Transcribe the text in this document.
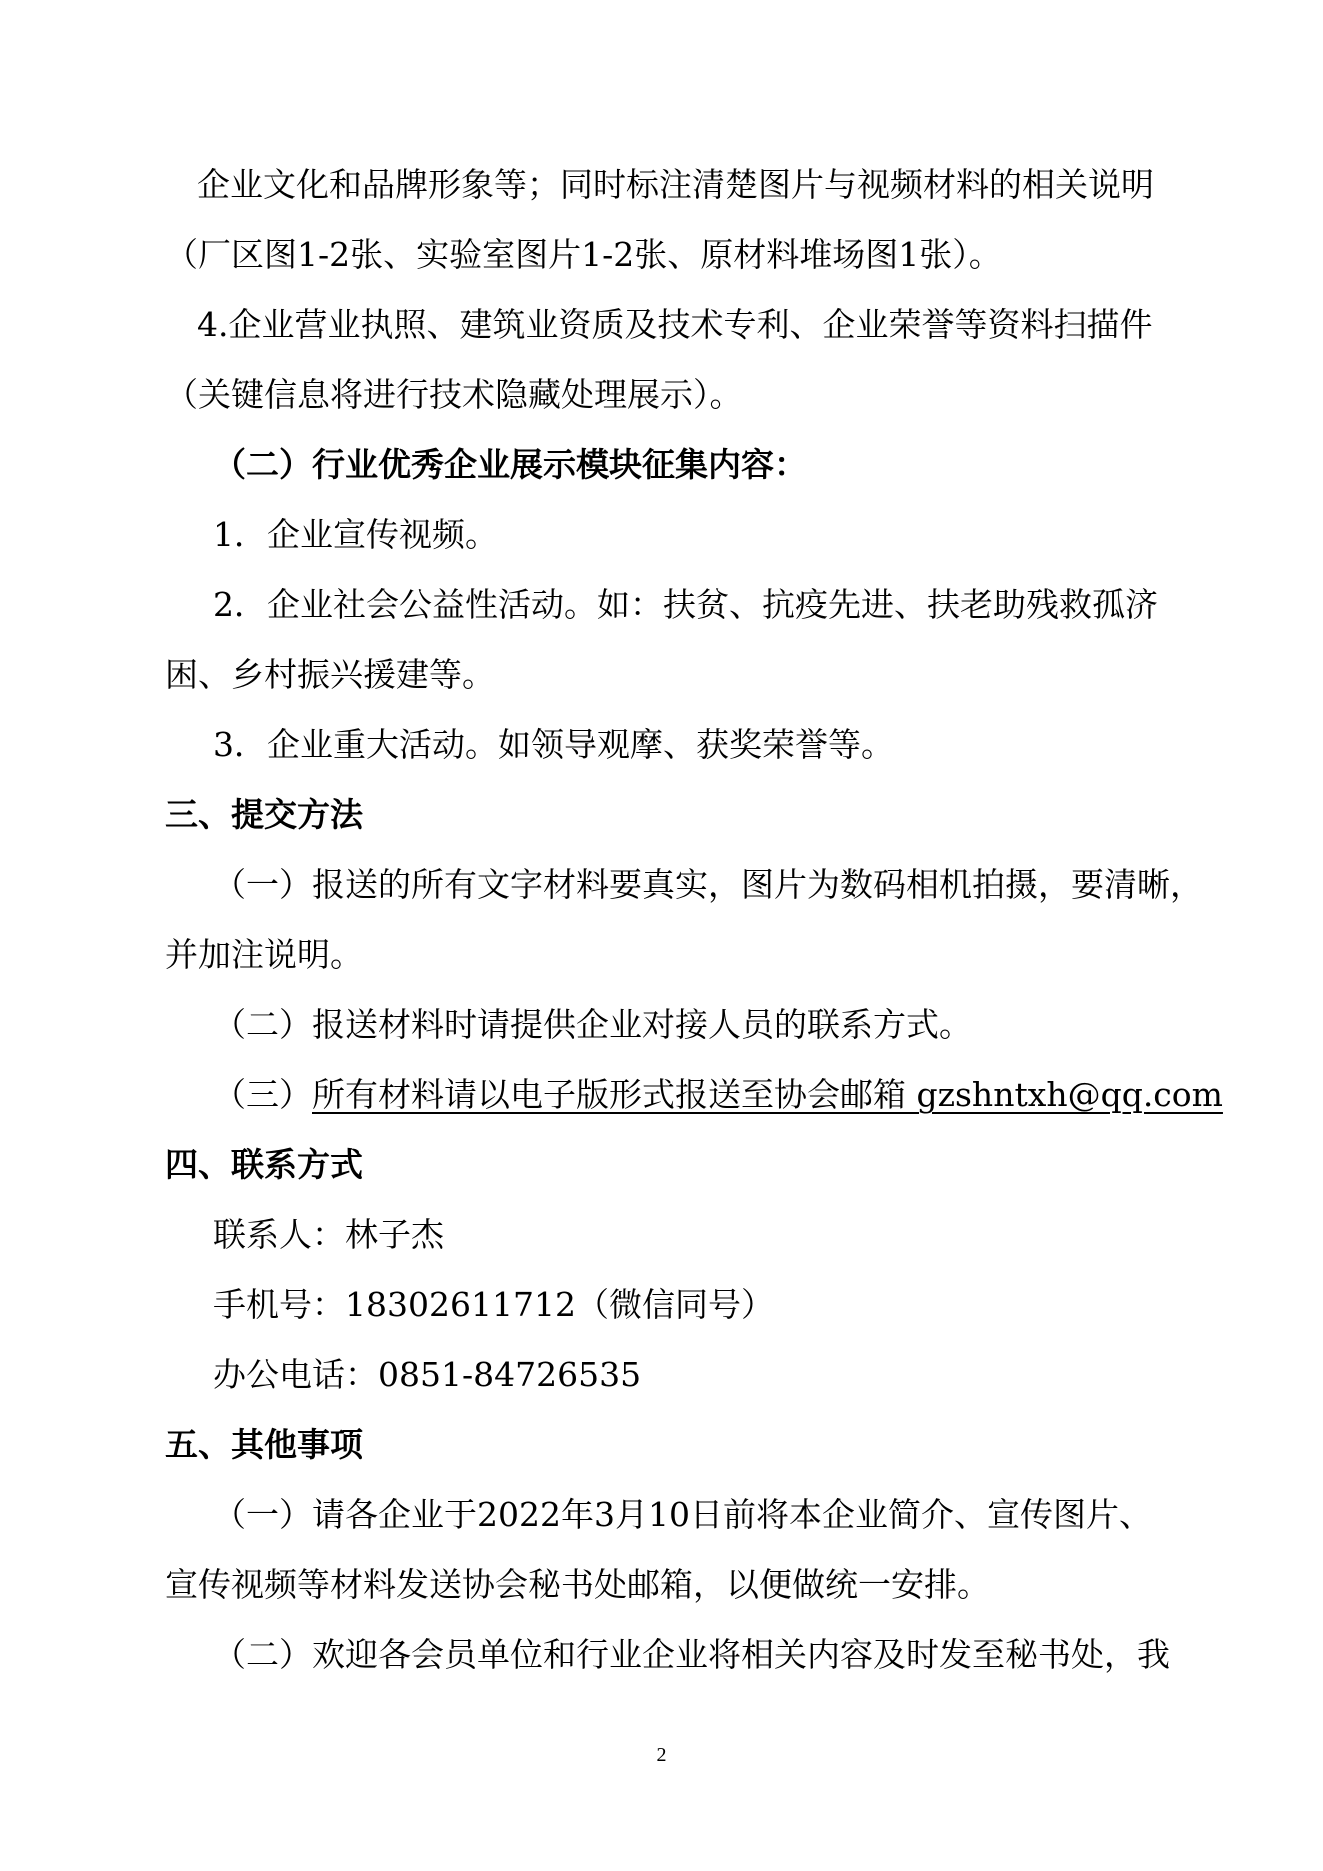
企业文化和品牌形象等；同时标注清楚图片与视频材料的相关说明
（厂区图1-2张、实验室图片1-2张、原材料堆场图1张）。
4.企业营业执照、建筑业资质及技术专利、企业荣誉等资料扫描件
（关键信息将进行技术隐藏处理展示）。
（二）行业优秀企业展示模块征集内容：
1．企业宣传视频。
2．企业社会公益性活动。如：扶贫、抗疫先进、扶老助残救孤济
困、乡村振兴援建等。
3．企业重大活动。如领导观摩、获奖荣誉等。
三、提交方法
（一）报送的所有文字材料要真实，图片为数码相机拍摄，要清晰，
并加注说明。
（二）报送材料时请提供企业对接人员的联系方式。
（三）所有材料请以电子版形式报送至协会邮箱 gzshntxh@qq.com
四、联系方式
联系人：林子杰
手机号：18302611712（微信同号）
办公电话：0851-84726535
五、其他事项
（一）请各企业于2022年3月10日前将本企业简介、宣传图片、
宣传视频等材料发送协会秘书处邮箱，以便做统一安排。
（二）欢迎各会员单位和行业企业将相关内容及时发至秘书处，我
2
